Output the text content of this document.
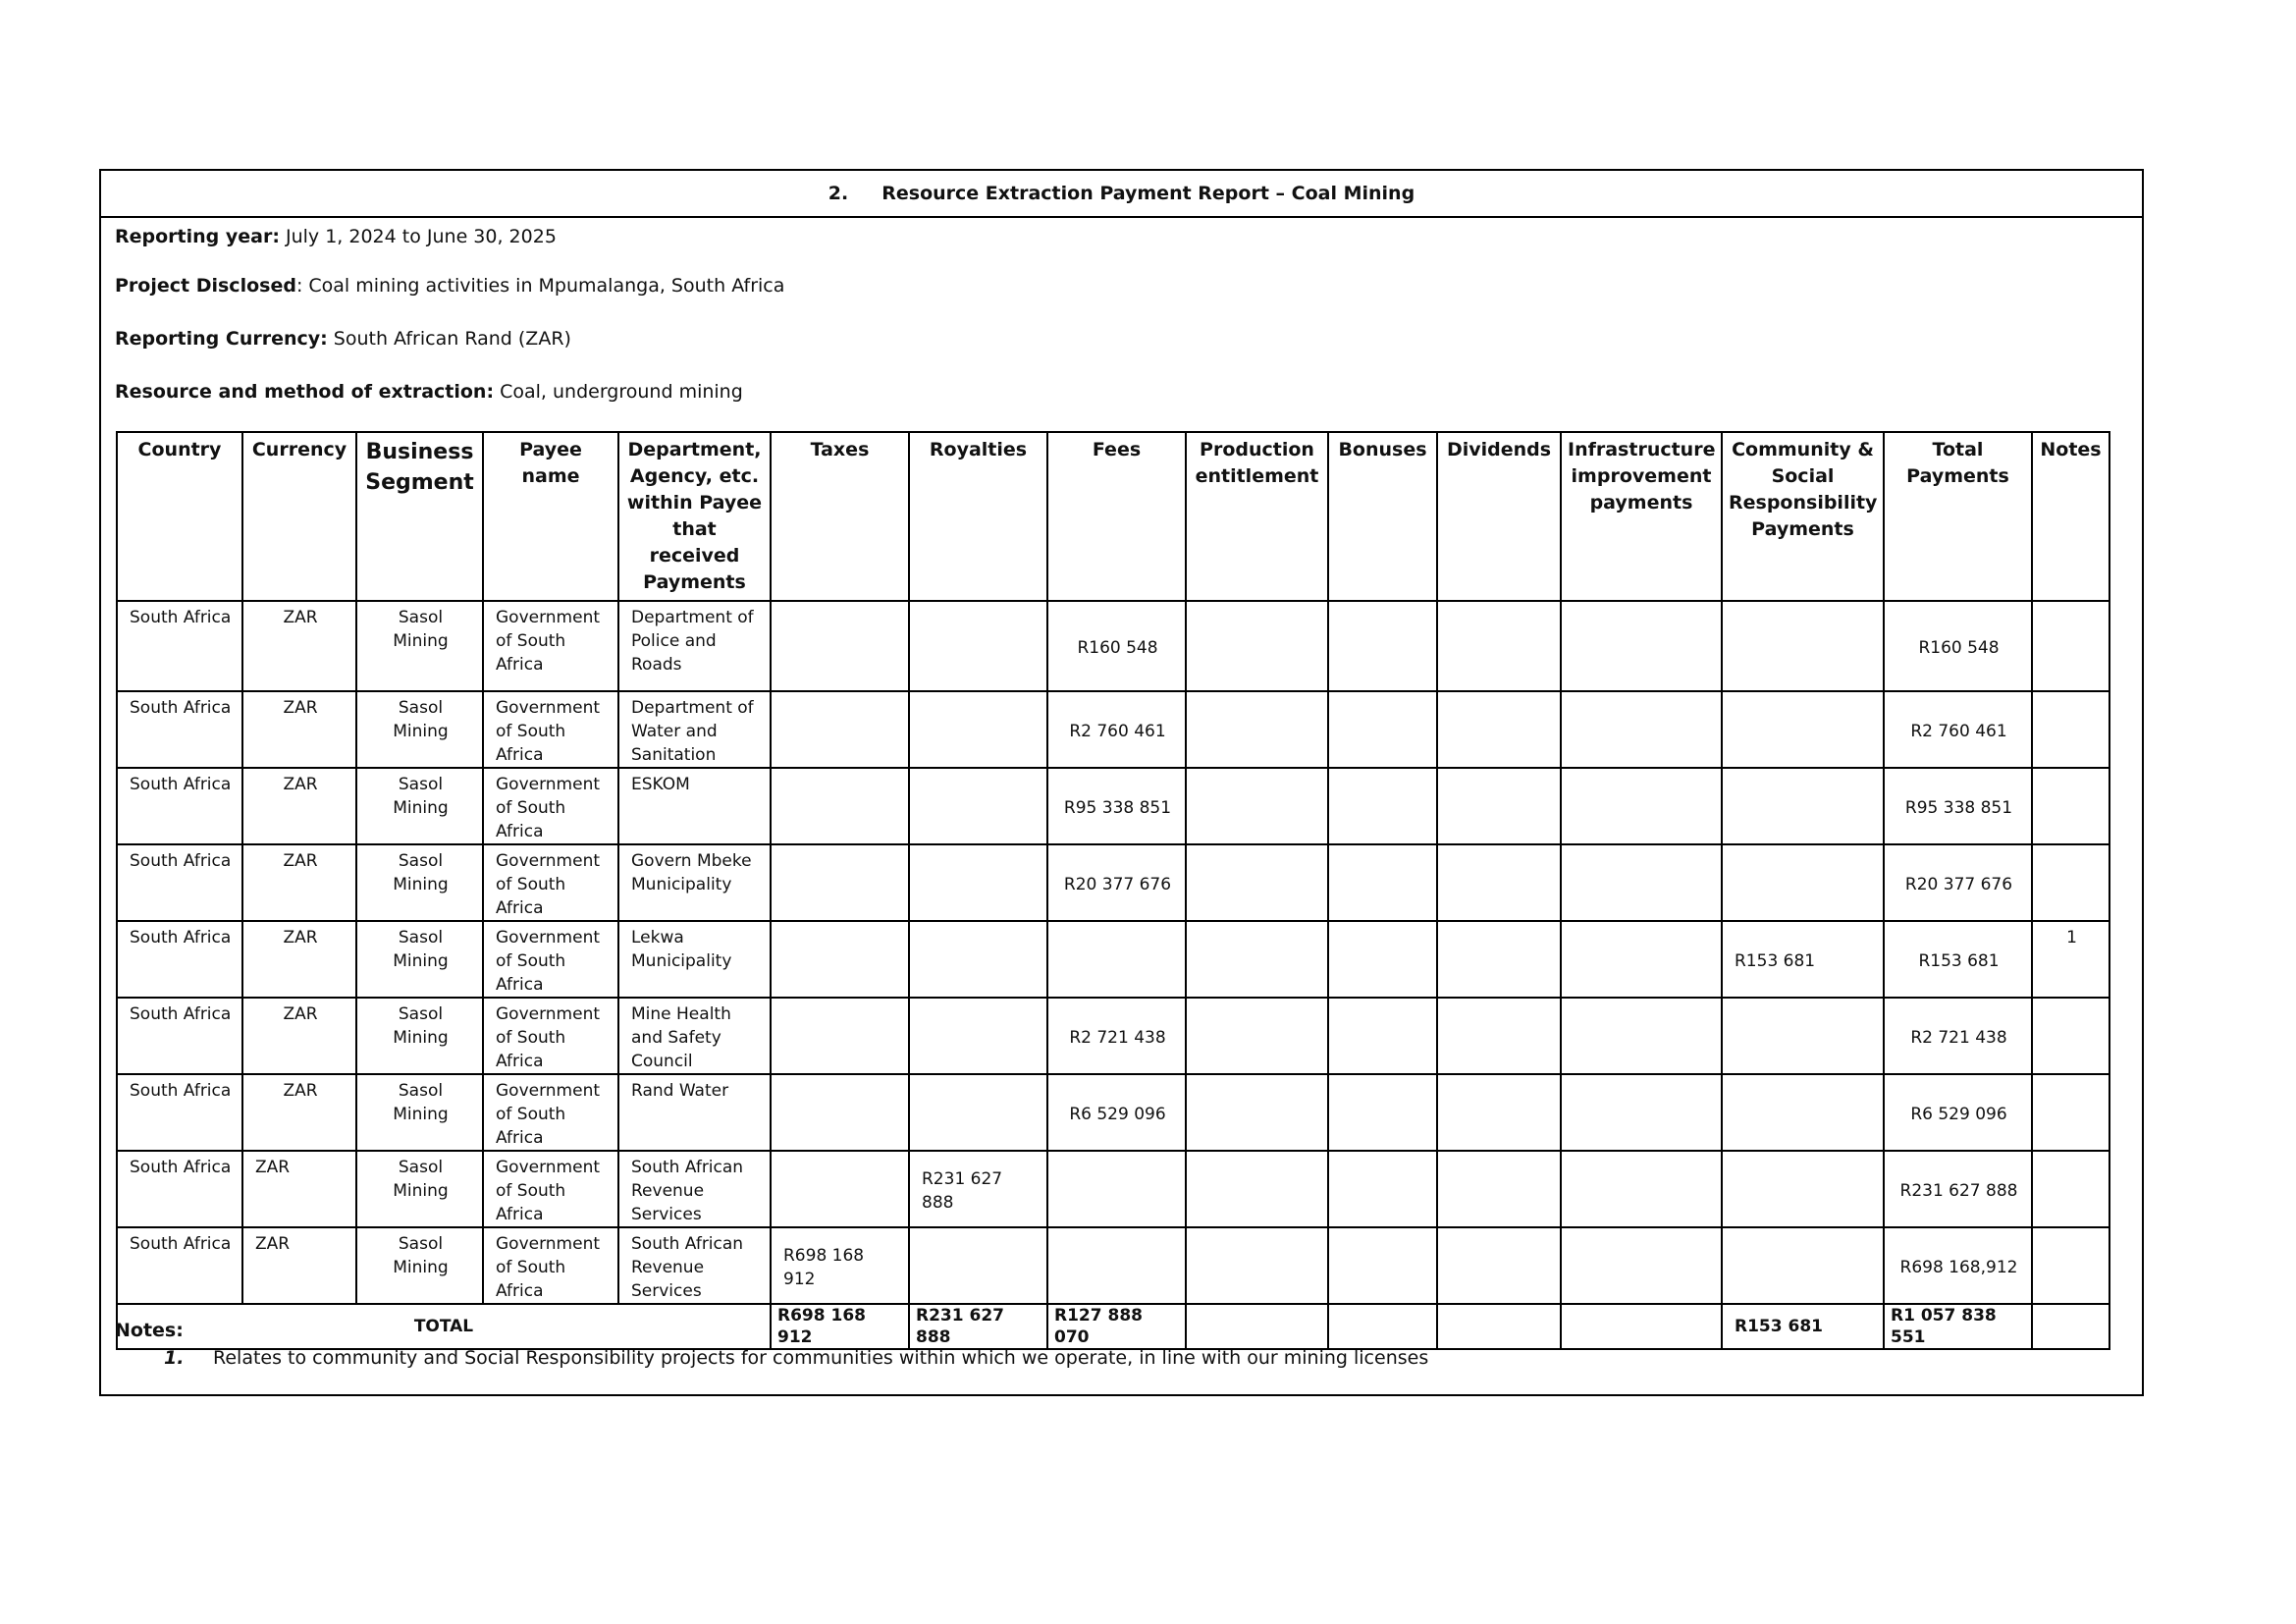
2. Resource Extraction Payment Report – Coal Mining
Reporting year: July 1, 2024 to June 30, 2025
Project Disclosed: Coal mining activities in Mpumalanga, South Africa
Reporting Currency: South African Rand (ZAR)
Resource and method of extraction: Coal, underground mining
Country	Currency	Business Segment	Payee name	Department, Agency, etc. within Payee that received Payments	Taxes	Royalties	Fees	Production entitlement	Bonuses	Dividends	Infrastructure improvement payments	Community & Social Responsibility Payments	Total Payments	Notes
South Africa	ZAR	Sasol Mining	Government of South Africa	Department of Police and Roads			R160 548						R160 548	
South Africa	ZAR	Sasol Mining	Government of South Africa	Department of Water and Sanitation			R2 760 461						R2 760 461	
South Africa	ZAR	Sasol Mining	Government of South Africa	ESKOM			R95 338 851						R95 338 851	
South Africa	ZAR	Sasol Mining	Government of South Africa	Govern Mbeke Municipality			R20 377 676						R20 377 676	
South Africa	ZAR	Sasol Mining	Government of South Africa	Lekwa Municipality								R153 681	R153 681	1
South Africa	ZAR	Sasol Mining	Government of South Africa	Mine Health and Safety Council			R2 721 438						R2 721 438	
South Africa	ZAR	Sasol Mining	Government of South Africa	Rand Water			R6 529 096						R6 529 096	
South Africa	ZAR	Sasol Mining	Government of South Africa	South African Revenue Services		R231 627 888							R231 627 888	
South Africa	ZAR	Sasol Mining	Government of South Africa	South African Revenue Services	R698 168 912								R698 168,912	
TOTAL					R698 168 912	R231 627 888	R127 888 070					R153 681	R1 057 838 551	
Notes:
1.	Relates to community and Social Responsibility projects for communities within which we operate, in line with our mining licenses
